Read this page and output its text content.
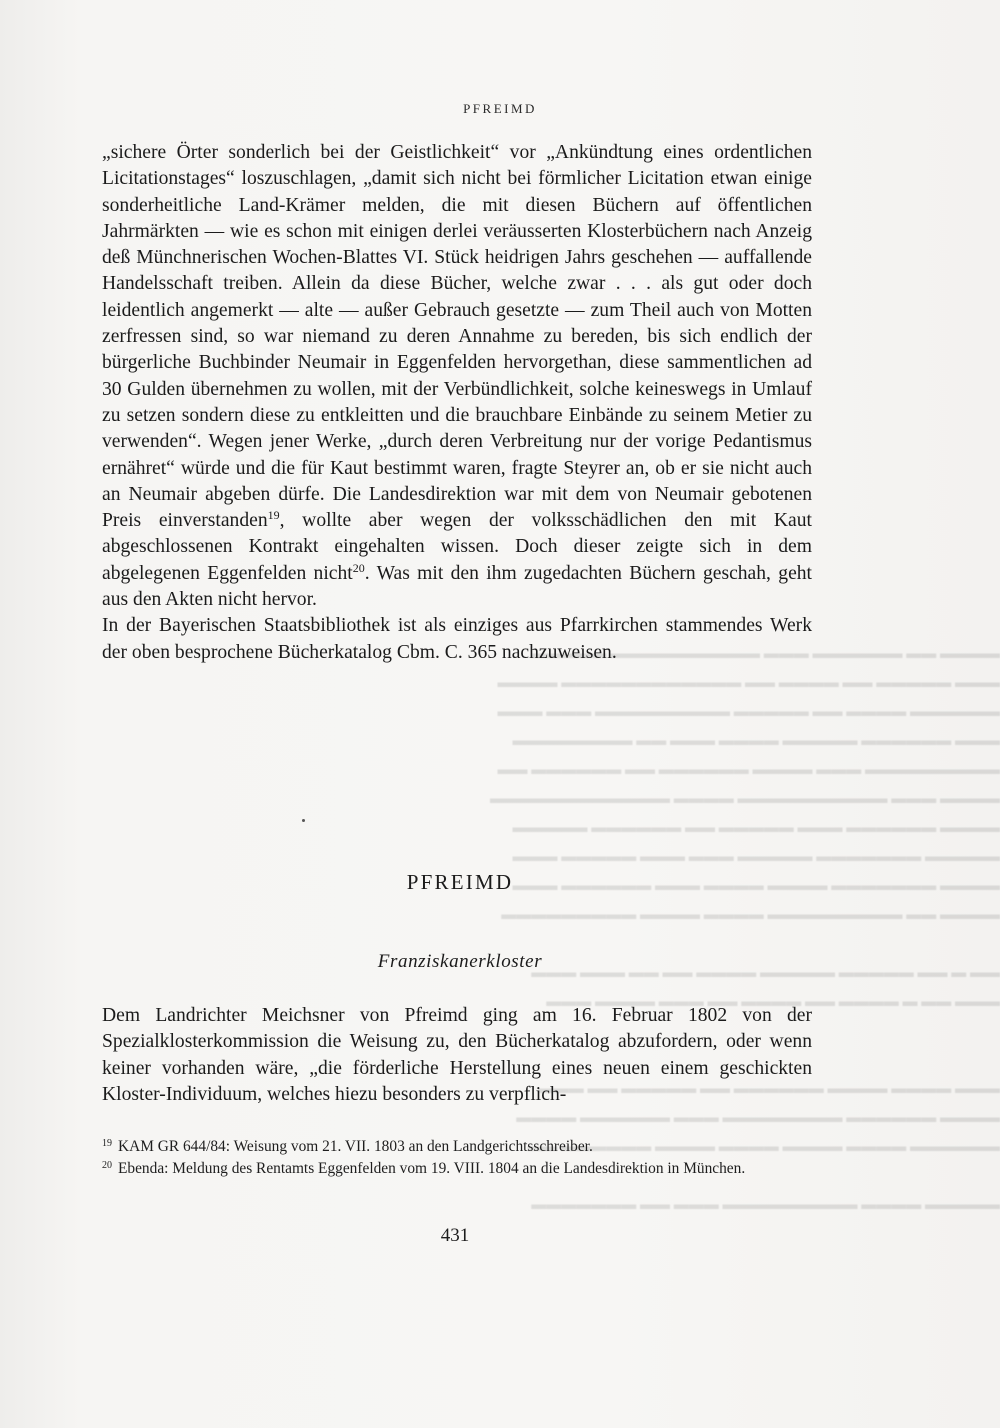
▬▬▬▬ ▬▬ ▬▬▬▬▬▬ ▬▬▬ ▬▬▬▬▬▬▬▬▬▬ ▬▬▬▬▬
▬▬▬ ▬▬▬▬▬ ▬▬ ▬▬▬▬ ▬▬ ▬▬▬▬▬▬▬▬▬▬▬▬ ▬▬▬▬
▬▬▬▬▬▬ ▬▬▬▬ ▬▬ ▬▬▬▬▬ ▬▬▬▬▬▬▬▬▬ ▬▬▬ ▬▬▬
▬▬▬ ▬▬▬▬▬▬ ▬▬▬▬▬ ▬▬▬▬ ▬▬▬ ▬▬ ▬▬▬▬▬▬▬▬
▬▬▬▬▬▬▬▬▬ ▬▬▬ ▬▬▬▬ ▬▬▬▬▬▬ ▬▬ ▬▬▬▬▬▬ ▬▬
▬▬▬▬ ▬▬▬ ▬▬▬▬▬▬▬▬▬▬ ▬▬▬▬ ▬▬▬▬▬▬▬▬▬▬▬▬
▬▬▬▬ ▬▬▬▬▬▬ ▬▬▬ ▬▬▬▬▬ ▬▬ ▬▬▬▬▬▬ ▬▬▬▬▬
▬▬▬▬▬ ▬▬▬▬▬▬▬ ▬▬▬▬▬ ▬▬▬ ▬▬▬ ▬▬▬▬▬ ▬▬▬
▬▬▬▬ ▬▬▬▬▬▬▬ ▬▬▬▬ ▬▬▬▬ ▬▬▬ ▬▬▬▬▬▬ ▬▬▬
▬▬▬▬ ▬▬ ▬▬▬▬▬▬▬▬▬ ▬▬▬▬ ▬▬▬▬ ▬▬▬▬▬▬▬▬▬

▬▬ ▬ ▬▬ ▬▬▬▬▬ ▬▬▬▬▬ ▬▬▬▬ ▬▬ ▬▬ ▬▬▬ ▬▬▬
▬▬▬ ▬▬ ▬ ▬▬▬▬ ▬▬ ▬▬▬▬ ▬▬ ▬▬▬ ▬▬▬▬ ▬▬▬

▬▬▬ ▬▬▬▬ ▬▬▬▬ ▬▬▬▬▬▬ ▬▬ ▬▬▬▬▬ ▬▬ ▬▬▬
▬▬▬▬ ▬▬▬▬▬▬ ▬▬▬▬▬▬▬▬ ▬▬▬ ▬▬▬▬▬▬ ▬▬▬▬
▬▬▬▬▬▬ ▬▬▬▬ ▬▬▬▬ ▬▬▬▬ ▬▬▬▬ ▬▬▬▬▬▬ ▬▬

▬▬▬▬▬ ▬▬▬▬ ▬▬▬▬▬▬▬▬▬ ▬▬▬ ▬▬ ▬▬▬▬▬▬▬

PFREIMD

„sichere Örter sonderlich bei der Geistlichkeit“ vor „Ankündtung eines ordentlichen Licitationstages“ loszuschlagen, „damit sich nicht bei förmlicher Licitation etwan einige sonderheitliche Land-Krämer melden, die mit diesen Büchern auf öffentlichen Jahrmärkten — wie es schon mit einigen derlei veräusserten Klosterbüchern nach Anzeig deß Münchnerischen Wochen-Blattes VI. Stück heidrigen Jahrs geschehen — auffallende Handelsschaft treiben. Allein da diese Bücher, welche zwar . . . als gut oder doch leidentlich angemerkt — alte — außer Gebrauch gesetzte — zum Theil auch von Motten zerfressen sind, so war niemand zu deren Annahme zu bereden, bis sich endlich der bürgerliche Buchbinder Neumair in Eggenfelden hervorgethan, diese sammentlichen ad 30 Gulden übernehmen zu wollen, mit der Verbündlichkeit, solche keineswegs in Umlauf zu setzen sondern diese zu entkleitten und die brauchbare Einbände zu seinem Metier zu verwenden“. Wegen jener Werke, „durch deren Verbreitung nur der vorige Pedantismus ernähret“ würde und die für Kaut bestimmt waren, fragte Steyrer an, ob er sie nicht auch an Neumair abgeben dürfe. Die Landesdirektion war mit dem von Neumair gebotenen Preis einverstanden$^{19}$, wollte aber wegen der volksschädlichen den mit Kaut abgeschlossenen Kontrakt eingehalten wissen. Doch dieser zeigte sich in dem abgelegenen Eggenfelden nicht$^{20}$. Was mit den ihm zugedachten Büchern geschah, geht aus den Akten nicht hervor.

In der Bayerischen Staatsbibliothek ist als einziges aus Pfarrkirchen stammendes Werk der oben besprochene Bücherkatalog Cbm. C. 365 nachzuweisen.

PFREIMD
Franziskanerkloster

Dem Landrichter Meichsner von Pfreimd ging am 16. Februar 1802 von der Spezialklosterkommission die Weisung zu, den Bücherkatalog abzufordern, oder wenn keiner vorhanden wäre, „die förderliche Herstellung eines neuen einem geschickten Kloster-Individuum, welches hiezu besonders zu verpflich-

$^{19}$ KAM GR 644/84: Weisung vom 21. VII. 1803 an den Landgerichtsschreiber.

$^{20}$ Ebenda: Meldung des Rentamts Eggenfelden vom 19. VIII. 1804 an die Landesdirektion in München.

431
